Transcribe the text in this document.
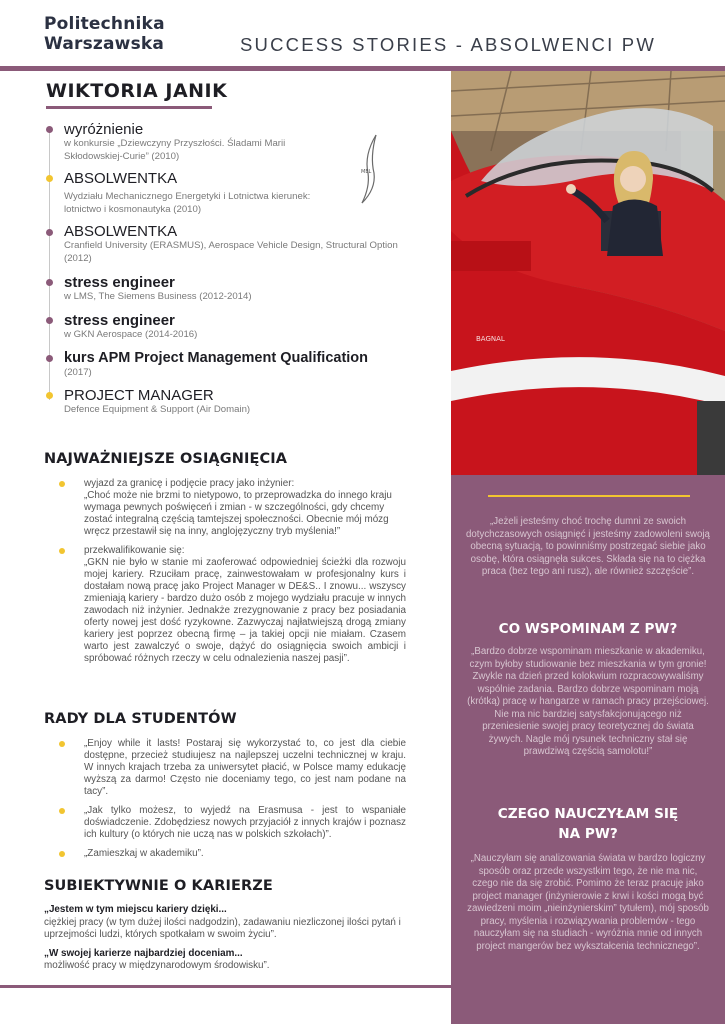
Politechnika
Warszawska	SUCCESS STORIES - ABSOLWENCI PW
WIKTORIA JANIK
wyróżnienie
w konkursie „Dziewczyny Przyszłości. Śladami Marii Skłodowskiej-Curie” (2010)
ABSOLWENTKA
Wydziału Mechanicznego Energetyki i Lotnictwa kierunek: lotnictwo i kosmonautyka (2010)
ABSOLWENTKA
Cranfield University (ERASMUS), Aerospace Vehicle Design, Structural Option (2012)
stress engineer
w LMS, The Siemens Business (2012-2014)
stress engineer
w GKN Aerospace (2014-2016)
kurs APM Project Management Qualification
(2017)
PROJECT MANAGER
Defence Equipment & Support (Air Domain)
MEL
BAGNAL
NAJWAŻNIEJSZE OSIĄGNIĘCIA

wyjazd za granicę i podjęcie pracy jako inżynier:

„Choć może nie brzmi to nietypowo, to przeprowadzka do innego kraju wymaga pewnych poświęceń i zmian - w szczególności, gdy chcemy zostać integralną częścią tamtejszej społeczności. Obecnie mój mózg wręcz przestawił się na inny, anglojęzyczny tryb myślenia!”

przekwalifikowanie się:

„GKN nie było w stanie mi zaoferować odpowiedniej ścieżki dla rozwoju mojej kariery. Rzuciłam pracę, zainwestowałam w profesjonalny kurs i dostałam nową pracę jako Project Manager w DE&S.. I znowu... wszyscy zmieniają kariery - bardzo dużo osób z mojego wydziału pracuje w innych zawodach niż inżynier. Jednakże zrezygnowanie z pracy bez posiadania oferty nowej jest dość ryzykowne. Zazwyczaj najłatwiejszą drogą zmiany kariery jest poprzez obecną firmę – ja takiej opcji nie miałam. Czasem warto jest zawalczyć o swoje, dążyć do osiągnięcia swoich ambicji i spróbować różnych rzeczy w celu odnalezienia naszej pasji”.

RADY DLA STUDENTÓW

„Enjoy while it lasts! Postaraj się wykorzystać to, co jest dla ciebie dostępne, przecież studiujesz na najlepszej uczelni technicznej w kraju. W innych krajach trzeba za uniwersytet płacić, w Polsce mamy edukację wyższą za darmo! Często nie doceniamy tego, co jest nam podane na tacy”.

„Jak tylko możesz, to wyjedź na Erasmusa - jest to wspaniałe doświadczenie. Zdobędziesz nowych przyjaciół z innych krajów i poznasz ich kultury (o których nie uczą nas w polskich szkołach)”.

„Zamieszkaj w akademiku”.

SUBIEKTYWNIE O KARIERZE
„Jestem w tym miejscu kariery dzięki...
ciężkiej pracy (w tym dużej ilości nadgodzin), zadawaniu niezliczonej ilości pytań i uprzejmości ludzi, których spotkałam w swoim życiu”.
„W swojej karierze najbardziej doceniam...
możliwość pracy w międzynarodowym środowisku”.
„Jeżeli jesteśmy choć trochę dumni ze swoich dotychczasowych osiągnięć i jesteśmy zadowoleni swoją obecną sytuacją, to powinniśmy postrzegać siebie jako osobę, która osiągnęła sukces. Składa się na to ciężka praca (bez tego ani rusz), ale również szczęście”.
CO WSPOMINAM Z PW?
„Bardzo dobrze wspominam mieszkanie w akademiku, czym byłoby studiowanie bez mieszkania w tym gronie! Zwykle na dzień przed kolokwium rozpracowywaliśmy wspólnie zadania. Bardzo dobrze wspominam moją (krótką) pracę w hangarze w ramach pracy przejściowej. Nie ma nic bardziej satysfakcjonującego niż przeniesienie swojej pracy teoretycznej do świata żywych. Nagle mój rysunek techniczny stał się prawdziwą częścią samolotu!”
CZEGO NAUCZYŁAM SIĘ NA PW?
„Nauczyłam się analizowania świata w bardzo logiczny sposób oraz przede wszystkim tego, że nie ma nic, czego nie da się zrobić. Pomimo że teraz pracuję jako project manager (inżynierowie z krwi i kości mogą być zawiedzeni moim „nieinżynierskim” tytułem), mój sposób pracy, myślenia i rozwiązywania problemów - tego nauczyłam się na studiach - wyróżnia mnie od innych project mangerów bez wykształcenia technicznego”.
